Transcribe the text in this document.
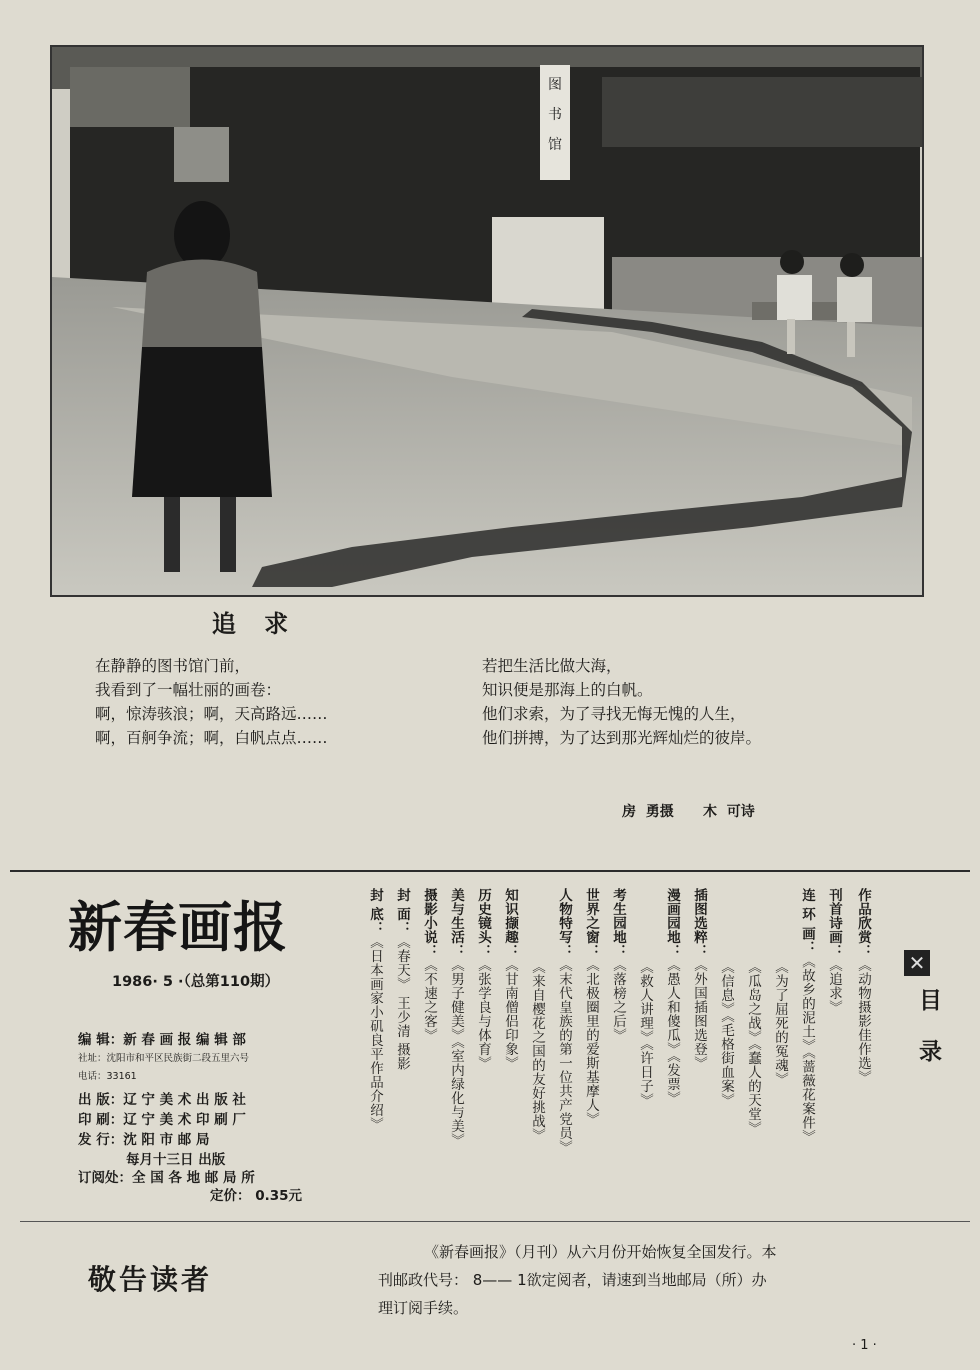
图
书
馆
追 求
在静静的图书馆门前，
我看到了一幅壮丽的画卷：
啊，惊涛骇浪；啊，天高路远……
啊，百舸争流；啊，白帆点点……
若把生活比做大海，
知识便是那海上的白帆。
他们求索，为了寻找无悔无愧的人生，
他们拼搏，为了达到那光辉灿烂的彼岸。
房  勇摄      木  可诗
新春画报
1986· 5 ·（总第110期）
编 辑：新 春 画 报 编 辑 部
社址：沈阳市和平区民族街二段五里六号
电话：33161
出 版：辽 宁 美 术 出 版 社
印 刷：辽 宁 美 术 印 刷 厂
发 行：沈 阳 市 邮 局
每月十三日 出版
订阅处：全 国 各 地 邮 局 所
定价： 0.35元
✕
目 录
作品欣赏：《动物摄影佳作选》
刊首诗画：《追求》
连 环 画：《故乡的泥土》《蔷薇花案件》
《为了屈死的冤魂》
《瓜岛之战》《蠢人的天堂》
《信息》《毛格街血案》
插图选粹：《外国插图选登》
漫画园地：《愚人和傻瓜》《发票》
《救人讲理》《许日子》
考生园地：《落榜之后》
世界之窗：《北极圈里的爱斯基摩人》
人物特写：《末代皇族的第一位共产党员》
《来自樱花之国的友好挑战》
知识撷趣：《甘南僧侣印象》
历史镜头：《张学良与体育》
美与生活：《男子健美》《室内绿化与美》
摄影小说：《不速之客》
封 面：《春天》 王少清 摄影
封 底：《日本画家小矶良平作品介绍》
敬告读者
《新春画报》（月刊）从六月份开始恢复全国发行。本
刊邮政代号： 8—— 1欲定阅者，请速到当地邮局（所）办
理订阅手续。
· 1 ·
